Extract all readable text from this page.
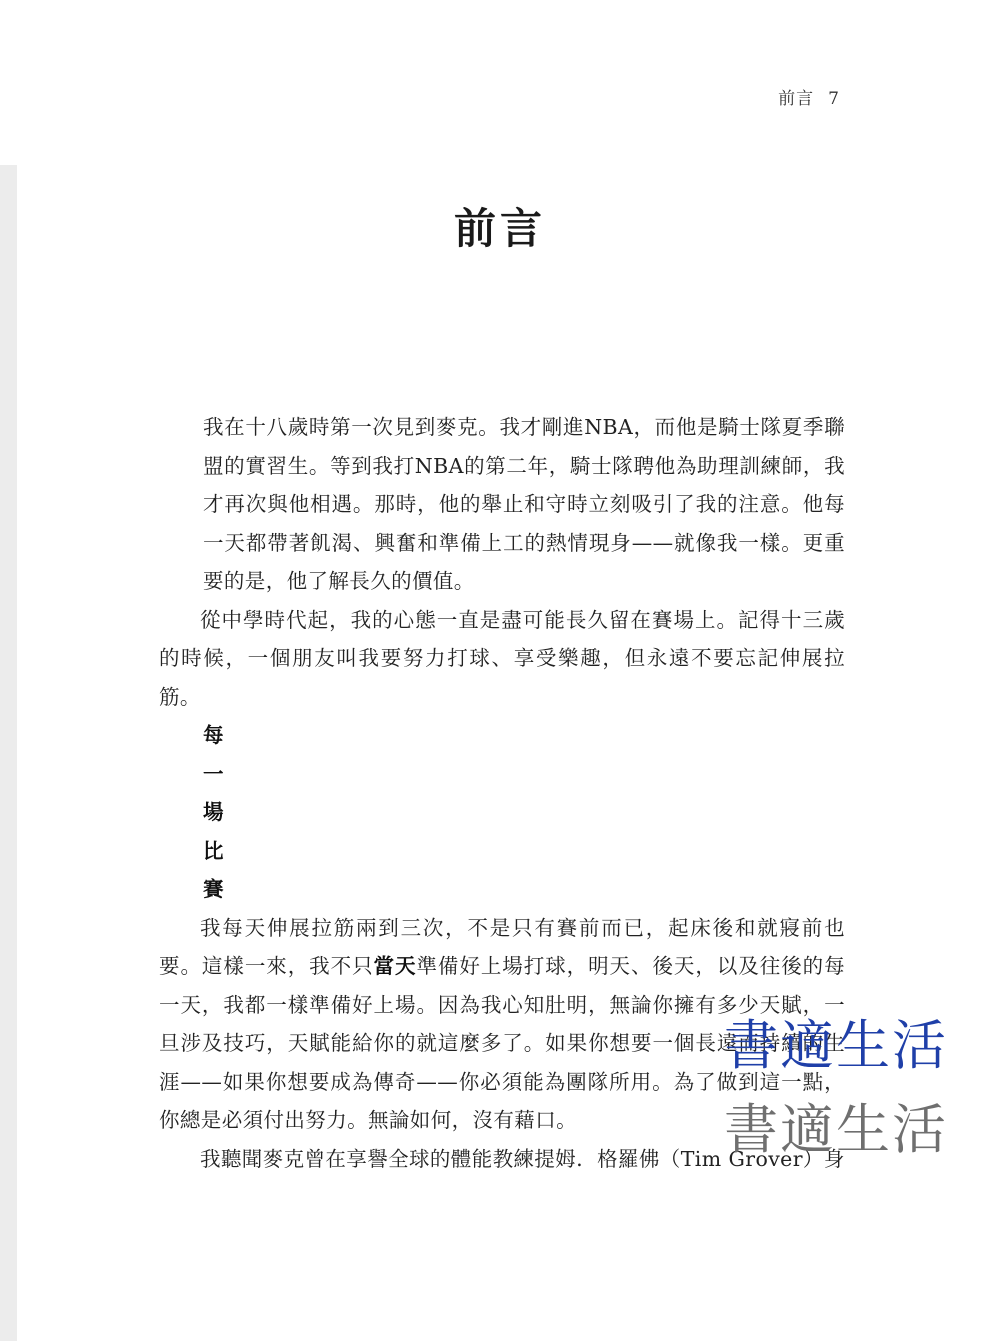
前言 7
前言

我在十八歲時第一次見到麥克。我才剛進NBA，而他是騎士隊夏季聯盟的實習生。等到我打NBA的第二年，騎士隊聘他為助理訓練師，我才再次與他相遇。那時，他的舉止和守時立刻吸引了我的注意。他每一天都帶著飢渴、興奮和準備上工的熱情現身——就像我一樣。更重要的是，他了解長久的價值。

從中學時代起，我的心態一直是盡可能長久留在賽場上。記得十三歲的時候，一個朋友叫我要努力打球、享受樂趣，但永遠不要忘記伸展拉筋。

每
一
場
比
賽

我每天伸展拉筋兩到三次，不是只有賽前而已，起床後和就寢前也要。這樣一來，我不只當天準備好上場打球，明天、後天，以及往後的每一天，我都一樣準備好上場。因為我心知肚明，無論你擁有多少天賦，一旦涉及技巧，天賦能給你的就這麼多了。如果你想要一個長遠而持續的生涯——如果你想要成為傳奇——你必須能為團隊所用。為了做到這一點，你總是必須付出努力。無論如何，沒有藉口。

我聽聞麥克曾在享譽全球的體能教練提姆．格羅佛（Tim Grover）身

書適生活
書適生活
